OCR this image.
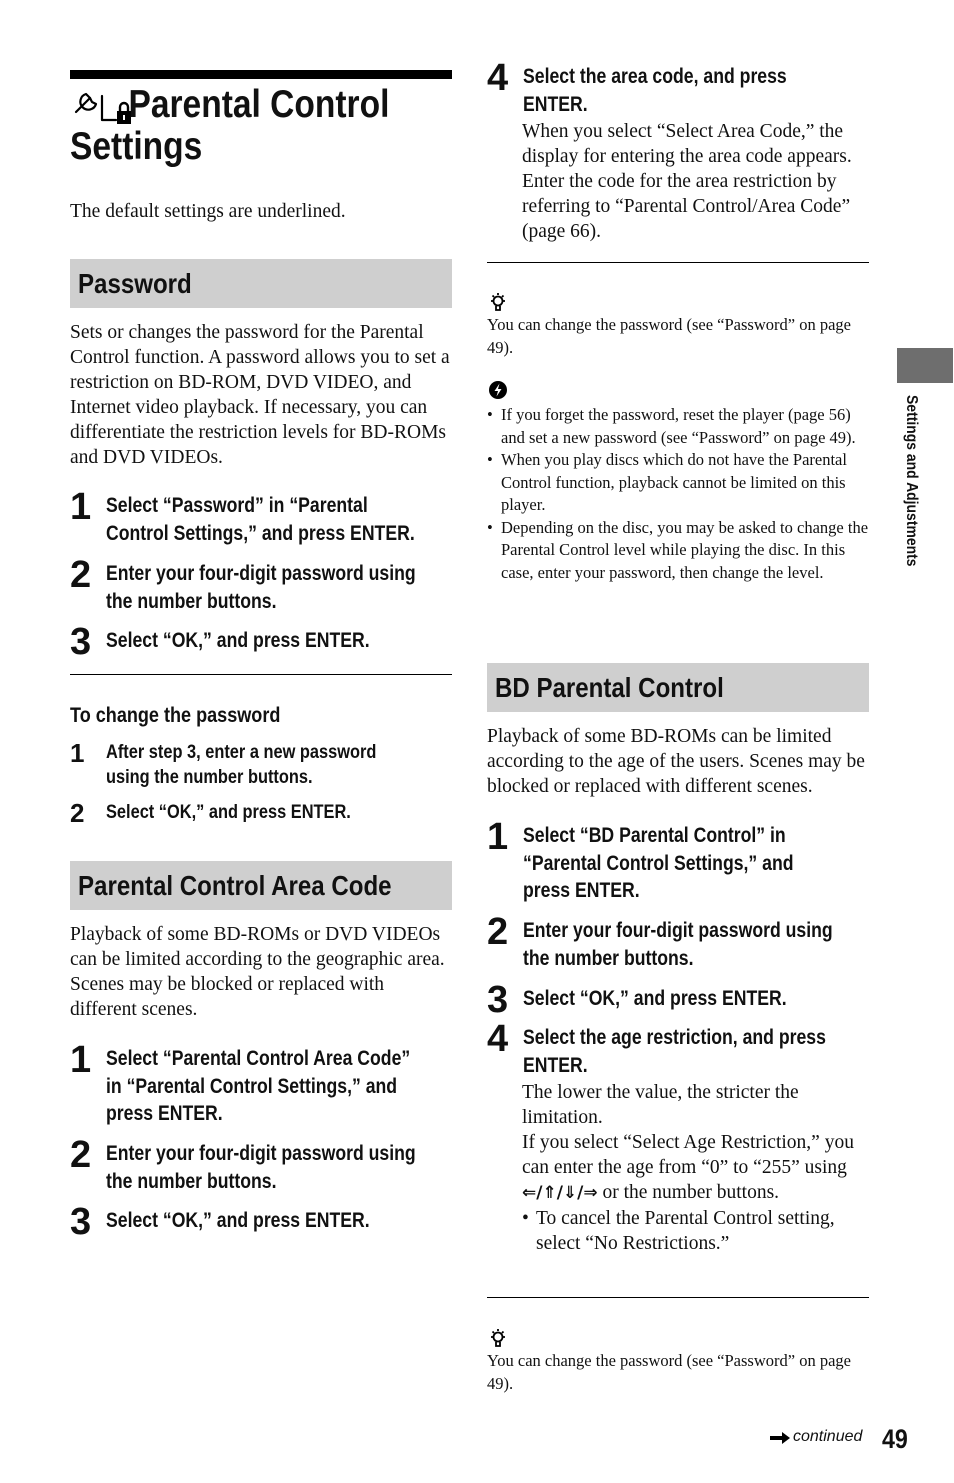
Settings and Adjustments
Parental Control Settings

The default settings are underlined.

Password

Sets or changes the password for the Parental Control function. A password allows you to set a restriction on BD-ROM, DVD VIDEO, and Internet video playback. If necessary, you can differentiate the restriction levels for BD-ROMs and DVD VIDEOs.

1 Select “Password” in “Parental
Control Settings,” and press ENTER.
2 Enter your four-digit password using
the number buttons.
3 Select “OK,” and press ENTER.
To change the password
1 After step 3, enter a new password using the number buttons.
2 Select “OK,” and press ENTER.
Parental Control Area Code

Playback of some BD-ROMs or DVD VIDEOs can be limited according to the geographic area. Scenes may be blocked or replaced with different scenes.

1 Select “Parental Control Area Code”
in “Parental Control Settings,” and
press ENTER.
2 Enter your four-digit password using
the number buttons.
3 Select “OK,” and press ENTER.
4 Select the area code, and press
ENTER.

When you select “Select Area Code,” the display for entering the area code appears. Enter the code for the area restriction by referring to “Parental Control/Area Code” (page 66).

You can change the password (see “Password” on page 49).

• If you forget the password, reset the player (page 56) and set a new password (see “Password” on page 49).
• When you play discs which do not have the Parental Control function, playback cannot be limited on this player.
• Depending on the disc, you may be asked to change the Parental Control level while playing the disc. In this case, enter your password, then change the level.
BD Parental Control

Playback of some BD-ROMs can be limited according to the age of the users. Scenes may be blocked or replaced with different scenes.

1 Select “BD Parental Control” in
“Parental Control Settings,” and
press ENTER.
2 Enter your four-digit password using
the number buttons.
3 Select “OK,” and press ENTER.
4 Select the age restriction, and press
ENTER.
The lower the value, the stricter the limitation.
If you select “Select Age Restriction,” you can enter the age from “0” to “255” using ⇐/⇑/⇓/⇒ or the number buttons.
• To cancel the Parental Control setting, select “No Restrictions.”

You can change the password (see “Password” on page 49).

continued 49
